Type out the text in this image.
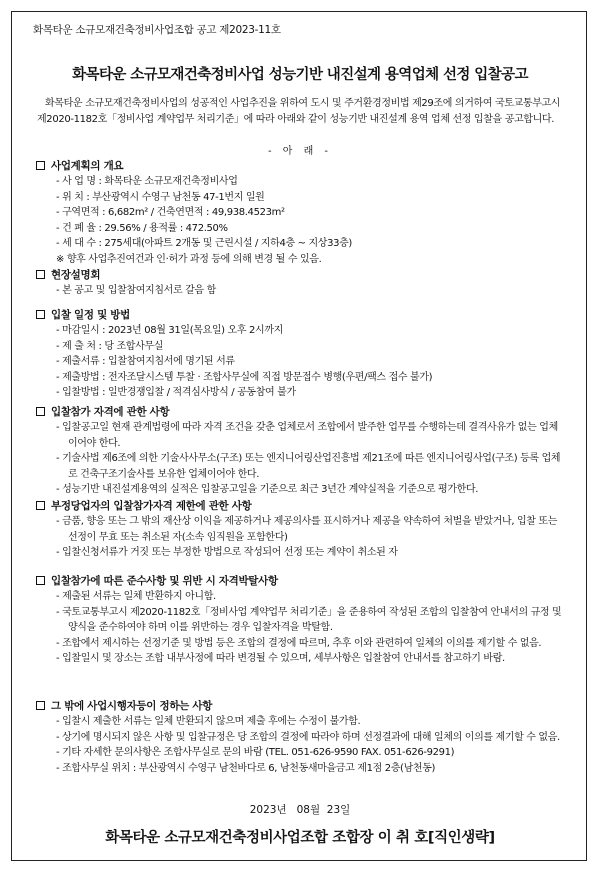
화목타운 소규모재건축정비사업조합 공고 제2023-11호
화목타운 소규모재건축정비사업 성능기반 내진설계 용역업체 선정 입찰공고
화목타운 소규모재건축정비사업의 성공적인 사업추진을 위하여 도시 및 주거환경정비법 제29조에 의거하여 국토교통부고시 제2020-1182호「정비사업 계약업무 처리기준」에 따라 아래와 같이 성능기반 내진설계 용역 업체 선정 입찰을 공고합니다.
- 아 래 -
사업계획의 개요
- 사 업 명 : 화목타운 소규모재건축정비사업
- 위 치 : 부산광역시 수영구 남천동 47-1번지 일원
- 구역면적 : 6,682m² / 건축연면적 : 49,938.4523m²
- 건 폐 율 : 29.56% / 용적률 : 472.50%
- 세 대 수 : 275세대(아파트 2개동 및 근린시설 / 지하4층 ~ 지상33층)
※ 향후 사업추진여건과 인·허가 과정 등에 의해 변경 될 수 있음.
현장설명회
- 본 공고 및 입찰참여지침서로 갈음 함
입찰 일정 및 방법
- 마감일시 : 2023년 08월 31일(목요일) 오후 2시까지
- 제 출 처 : 당 조합사무실
- 제출서류 : 입찰참여지침서에 명기된 서류
- 제출방법 : 전자조달시스템 투찰 · 조합사무실에 직접 방문접수 병행(우편/팩스 접수 불가)
- 입찰방법 : 일반경쟁입찰 / 적격심사방식 / 공동참여 불가
입찰참가 자격에 관한 사항
- 입찰공고일 현재 관계법령에 따라 자격 조건을 갖춘 업체로서 조합에서 발주한 업무를 수행하는데 결격사유가 없는 업체이어야 한다.
- 기술사법 제6조에 의한 기술사사무소(구조) 또는 엔지니어링산업진흥법 제21조에 따른 엔지니어링사업(구조) 등록 업체로 건축구조기술사를 보유한 업체이어야 한다.
- 성능기반 내진설계용역의 실적은 입찰공고일을 기준으로 최근 3년간 계약실적을 기준으로 평가한다.
부정당업자의 입찰참가자격 제한에 관한 사항
- 금품, 향응 또는 그 밖의 재산상 이익을 제공하거나 제공의사를 표시하거나 제공을 약속하여 처벌을 받았거나, 입찰 또는 선정이 무효 또는 취소된 자(소속 임직원을 포함한다)
- 입찰신청서류가 거짓 또는 부정한 방법으로 작성되어 선정 또는 계약이 취소된 자
입찰참가에 따른 준수사항 및 위반 시 자격박탈사항
- 제출된 서류는 일체 반환하지 아니함.
- 국토교통부고시 제2020-1182호「정비사업 계약업무 처리기준」을 준용하여 작성된 조합의 입찰참여 안내서의 규정 및 양식을 준수하여야 하며 이를 위반하는 경우 입찰자격을 박탈함.
- 조합에서 제시하는 선정기준 및 방법 등은 조합의 결정에 따르며, 추후 이와 관련하여 일체의 이의를 제기할 수 없음.
- 입찰일시 및 장소는 조합 내부사정에 따라 변경될 수 있으며, 세부사항은 입찰참여 안내서를 참고하기 바람.
그 밖에 사업시행자등이 정하는 사항
- 입찰시 제출한 서류는 일체 반환되지 않으며 제출 후에는 수정이 불가함.
- 상기에 명시되지 않은 사항 및 입찰규정은 당 조합의 결정에 따라야 하며 선정결과에 대해 일체의 이의를 제기할 수 없음.
- 기타 자세한 문의사항은 조합사무실로 문의 바람 (TEL. 051-626-9590 FAX. 051-626-9291)
- 조합사무실 위치 : 부산광역시 수영구 남천바다로 6, 남천동새마을금고 제1점 2층(남천동)
2023년   08월  23일
화목타운 소규모재건축정비사업조합 조합장 이 취 호[직인생략]
